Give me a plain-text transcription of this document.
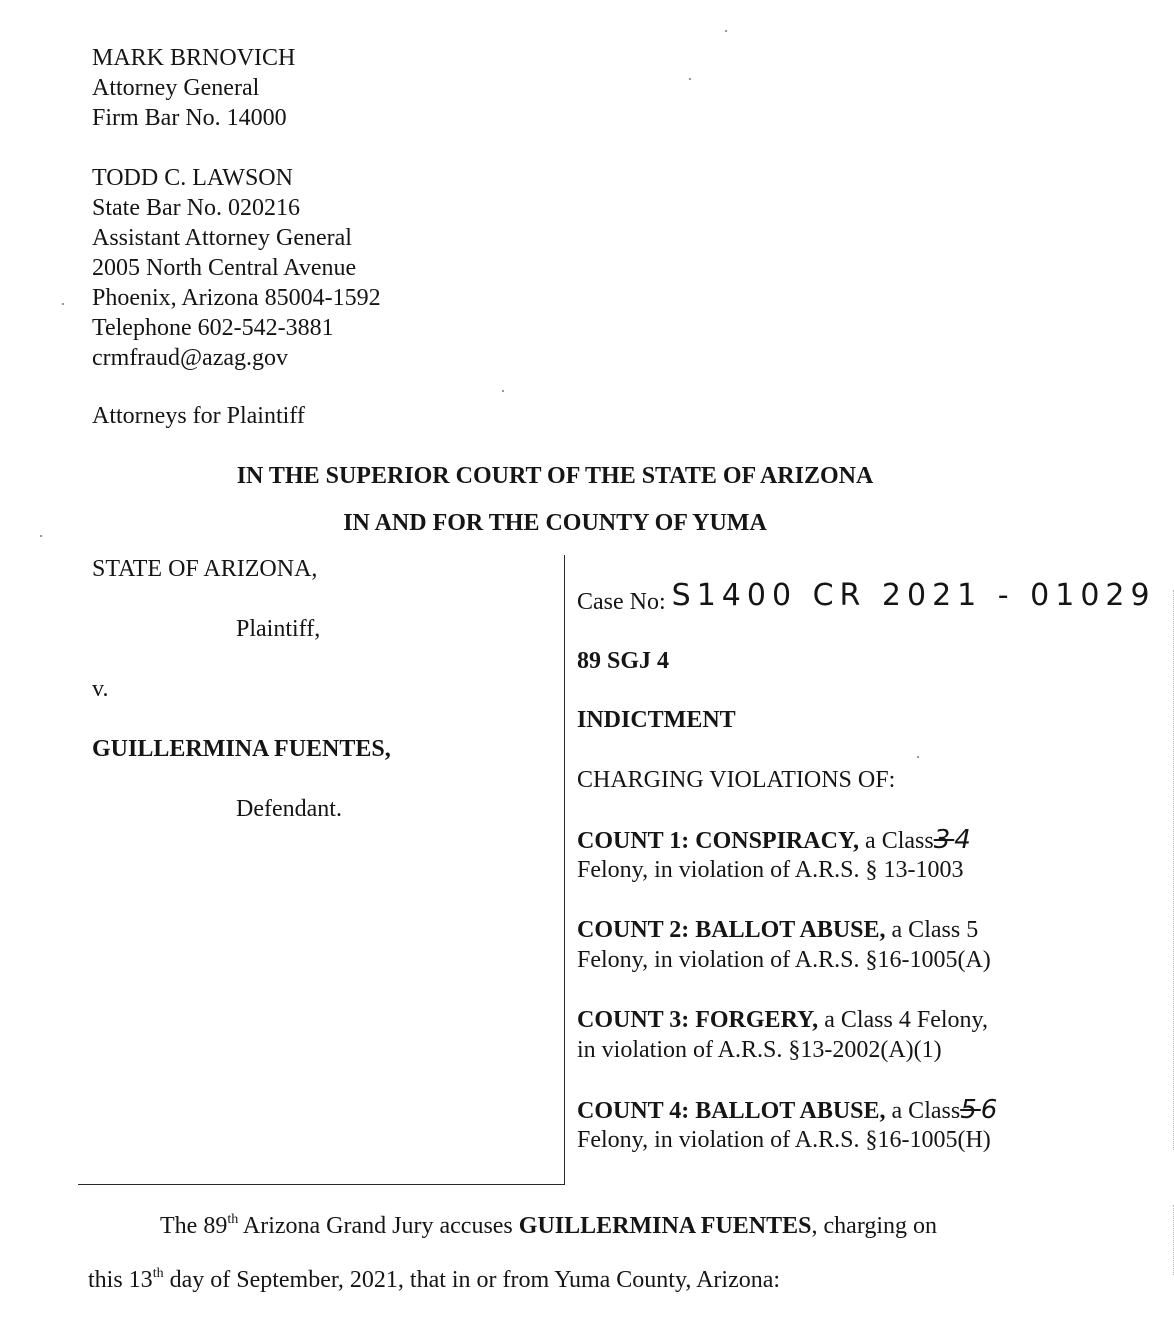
MARK BRNOVICH
Attorney General
Firm Bar No. 14000
TODD C. LAWSON
State Bar No. 020216
Assistant Attorney General
2005 North Central Avenue
Phoenix, Arizona 85004-1592
Telephone 602-542-3881
crmfraud@azag.gov
Attorneys for Plaintiff
IN THE SUPERIOR COURT OF THE STATE OF ARIZONA
IN AND FOR THE COUNTY OF YUMA
STATE OF ARIZONA,
Plaintiff,
v.
GUILLERMINA FUENTES,
Defendant.
Case No: S1400 CR 2021 - 01029
89 SGJ 4
INDICTMENT
CHARGING VIOLATIONS OF:
COUNT 1: CONSPIRACY, a Class34
Felony, in violation of A.R.S. § 13-1003
COUNT 2: BALLOT ABUSE, a Class 5
Felony, in violation of A.R.S. §16-1005(A)
COUNT 3: FORGERY, a Class 4 Felony,
in violation of A.R.S. §13-2002(A)(1)
COUNT 4: BALLOT ABUSE, a Class56
Felony, in violation of A.R.S. §16-1005(H)
The 89th Arizona Grand Jury accuses GUILLERMINA FUENTES, charging on
this 13th day of September, 2021, that in or from Yuma County, Arizona:
